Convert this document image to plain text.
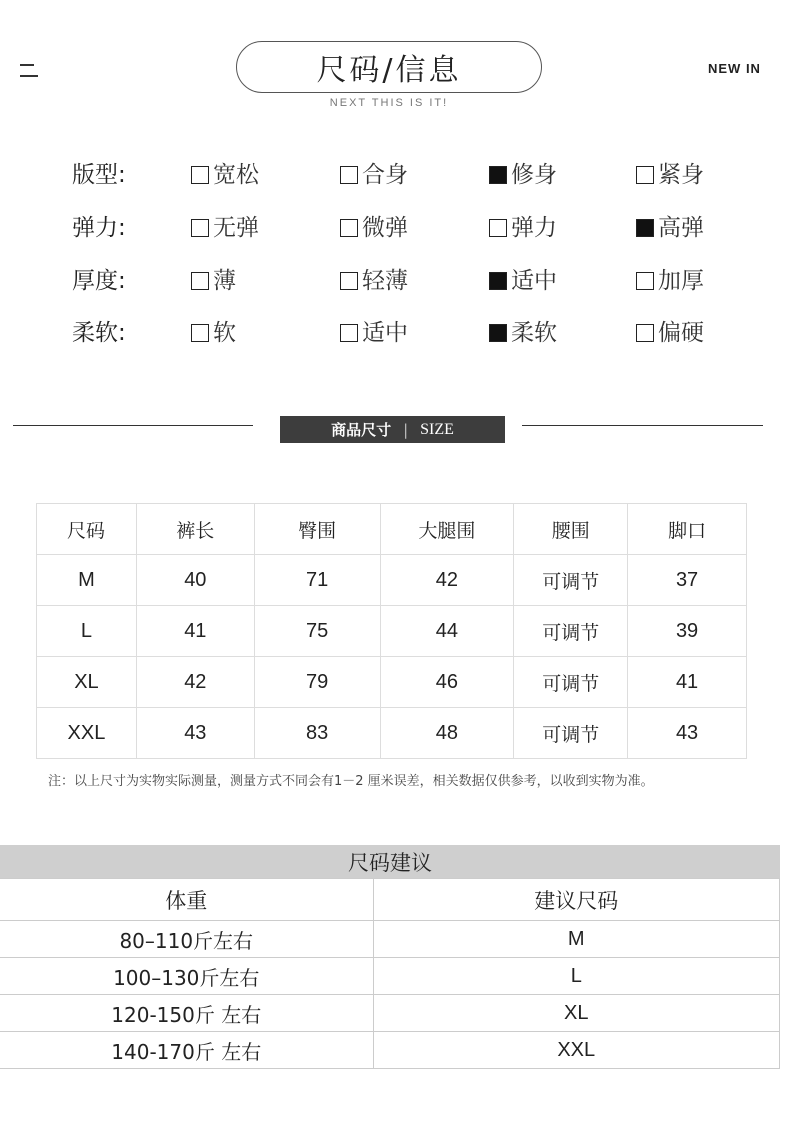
尺码/信息
NEXT THIS IS IT!
NEW IN
版型:	宽松	合身	修身	紧身
弹力:	无弹	微弹	弹力	高弹
厚度:	薄	轻薄	适中	加厚
柔软:	软	适中	柔软	偏硬
商品尺寸 | SIZE
尺码	裤长	臀围	大腿围	腰围	脚口
M	40	71	42	可调节	37
L	41	75	44	可调节	39
XL	42	79	46	可调节	41
XXL	43	83	48	可调节	43
注：以上尺寸为实物实际测量，测量方式不同会有1－2 厘米误差，相关数据仅供参考，以收到实物为准。
尺码建议
体重	建议尺码
80–110斤左右	M
100–130斤左右	L
120-150斤 左右	XL
140-170斤 左右	XXL
